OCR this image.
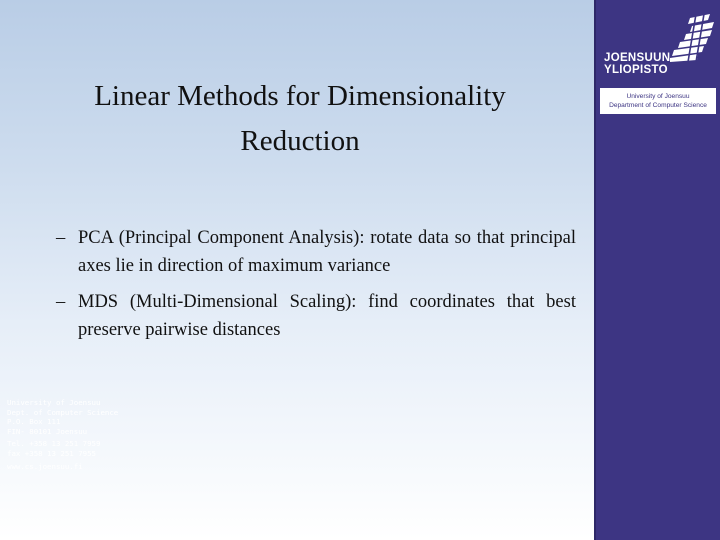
Linear Methods for Dimensionality
Reduction
– PCA (Principal Component Analysis): rotate data so that principal axes lie in direction of maximum variance
– MDS (Multi-Dimensional Scaling): find coordinates that best preserve pairwise distances
JOENSUUN
YLIOPISTO
University of Joensuu
Department of Computer Science
University of Joensuu
Dept. of Computer Science
P.O. Box 111
FIN- 80101 Joensuu
Tel. +358 13 251 7959
fax +358 13 251 7955
www.cs.joensuu.fi
